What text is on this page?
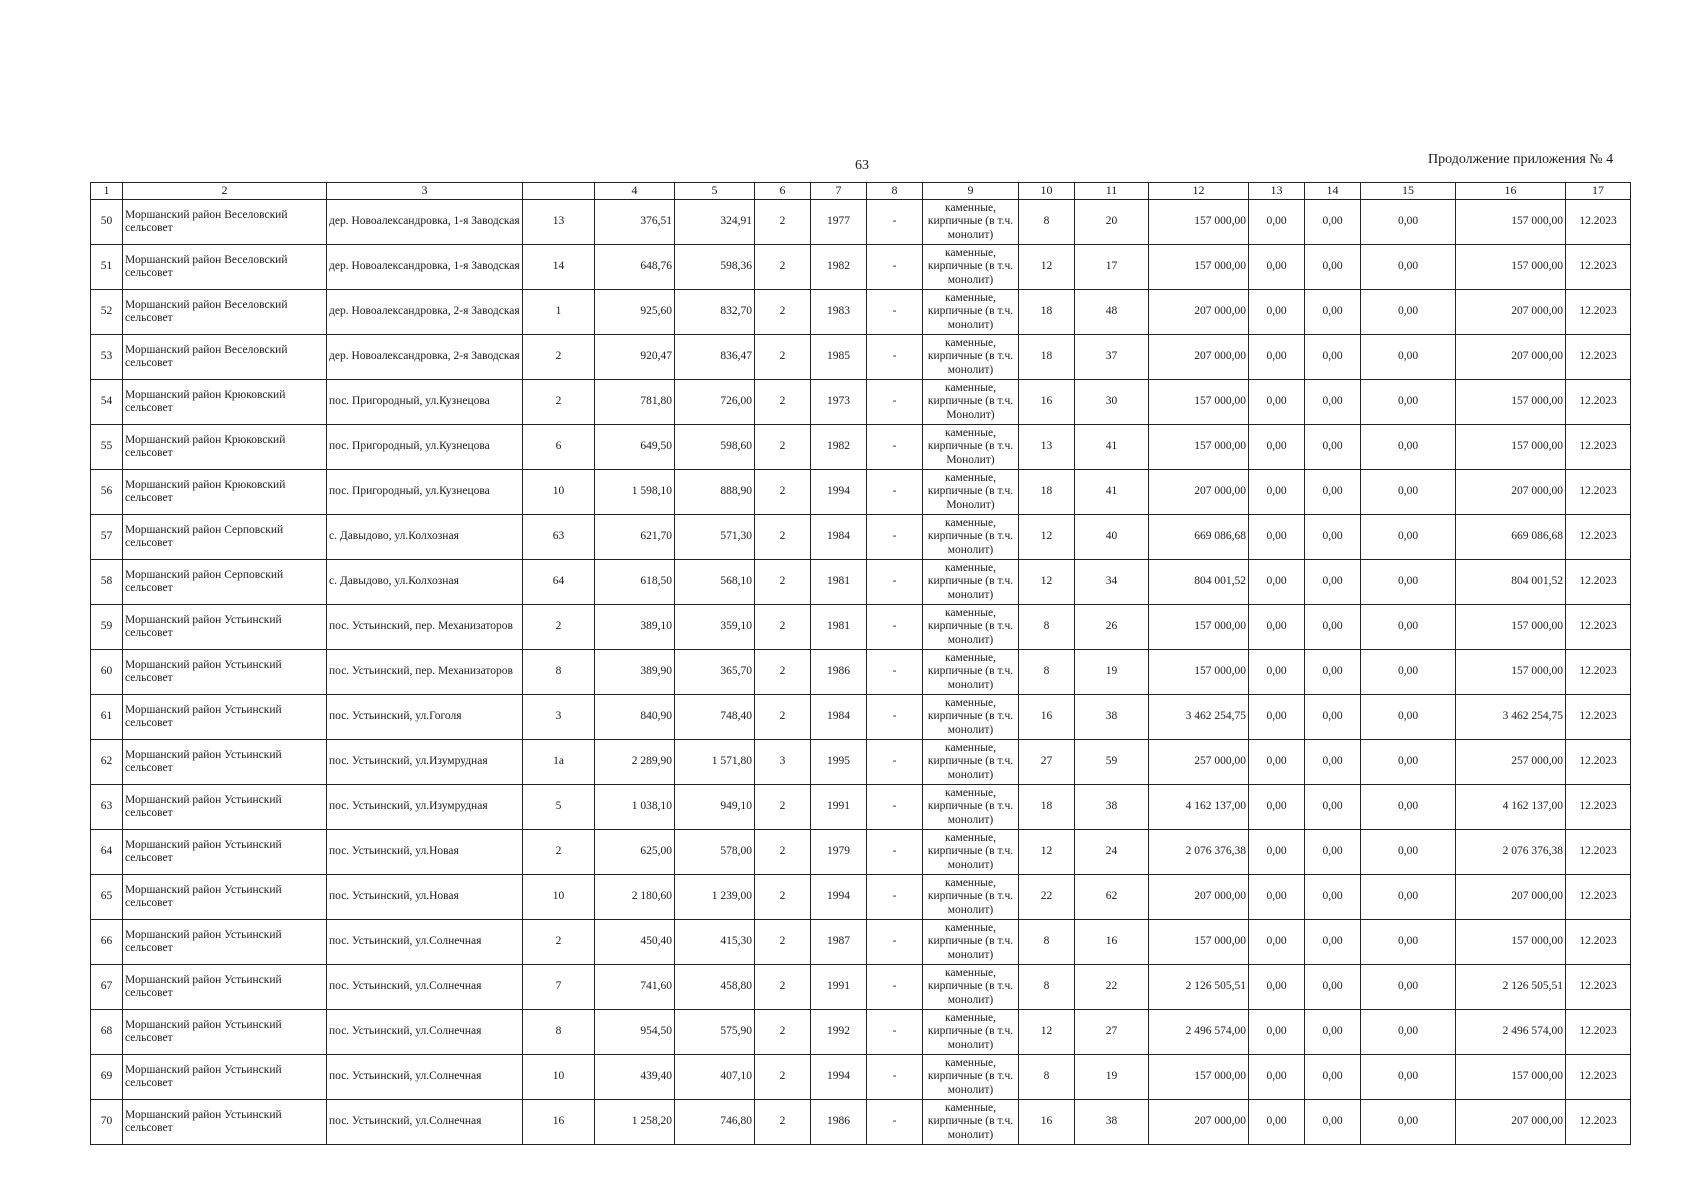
63	Продолжение приложения № 4
1	2	3		4	5	6	7	8	9	10	11	12	13	14	15	16	17
50	Моршанский район Веселовский сельсовет	дер. Новоалександровка, 1-я Заводская	13	376,51	324,91	2	1977	-	каменные, кирпичные (в т.ч. монолит)	8	20	157 000,00	0,00	0,00	0,00	157 000,00	12.2023
51	Моршанский район Веселовский сельсовет	дер. Новоалександровка, 1-я Заводская	14	648,76	598,36	2	1982	-	каменные, кирпичные (в т.ч. монолит)	12	17	157 000,00	0,00	0,00	0,00	157 000,00	12.2023
52	Моршанский район Веселовский сельсовет	дер. Новоалександровка, 2-я Заводская	1	925,60	832,70	2	1983	-	каменные, кирпичные (в т.ч. монолит)	18	48	207 000,00	0,00	0,00	0,00	207 000,00	12.2023
53	Моршанский район Веселовский сельсовет	дер. Новоалександровка, 2-я Заводская	2	920,47	836,47	2	1985	-	каменные, кирпичные (в т.ч. монолит)	18	37	207 000,00	0,00	0,00	0,00	207 000,00	12.2023
54	Моршанский район Крюковский сельсовет	пос. Пригородный, ул.Кузнецова	2	781,80	726,00	2	1973	-	каменные, кирпичные (в т.ч. Монолит)	16	30	157 000,00	0,00	0,00	0,00	157 000,00	12.2023
55	Моршанский район Крюковский сельсовет	пос. Пригородный, ул.Кузнецова	6	649,50	598,60	2	1982	-	каменные, кирпичные (в т.ч. Монолит)	13	41	157 000,00	0,00	0,00	0,00	157 000,00	12.2023
56	Моршанский район Крюковский сельсовет	пос. Пригородный, ул.Кузнецова	10	1 598,10	888,90	2	1994	-	каменные, кирпичные (в т.ч. Монолит)	18	41	207 000,00	0,00	0,00	0,00	207 000,00	12.2023
57	Моршанский район Серповский сельсовет	с. Давыдово, ул.Колхозная	63	621,70	571,30	2	1984	-	каменные, кирпичные (в т.ч. монолит)	12	40	669 086,68	0,00	0,00	0,00	669 086,68	12.2023
58	Моршанский район Серповский сельсовет	с. Давыдово, ул.Колхозная	64	618,50	568,10	2	1981	-	каменные, кирпичные (в т.ч. монолит)	12	34	804 001,52	0,00	0,00	0,00	804 001,52	12.2023
59	Моршанский район Устьинский сельсовет	пос. Устьинский, пер. Механизаторов	2	389,10	359,10	2	1981	-	каменные, кирпичные (в т.ч. монолит)	8	26	157 000,00	0,00	0,00	0,00	157 000,00	12.2023
60	Моршанский район Устьинский сельсовет	пос. Устьинский, пер. Механизаторов	8	389,90	365,70	2	1986	-	каменные, кирпичные (в т.ч. монолит)	8	19	157 000,00	0,00	0,00	0,00	157 000,00	12.2023
61	Моршанский район Устьинский сельсовет	пос. Устьинский, ул.Гоголя	3	840,90	748,40	2	1984	-	каменные, кирпичные (в т.ч. монолит)	16	38	3 462 254,75	0,00	0,00	0,00	3 462 254,75	12.2023
62	Моршанский район Устьинский сельсовет	пос. Устьинский, ул.Изумрудная	1а	2 289,90	1 571,80	3	1995	-	каменные, кирпичные (в т.ч. монолит)	27	59	257 000,00	0,00	0,00	0,00	257 000,00	12.2023
63	Моршанский район Устьинский сельсовет	пос. Устьинский, ул.Изумрудная	5	1 038,10	949,10	2	1991	-	каменные, кирпичные (в т.ч. монолит)	18	38	4 162 137,00	0,00	0,00	0,00	4 162 137,00	12.2023
64	Моршанский район Устьинский сельсовет	пос. Устьинский, ул.Новая	2	625,00	578,00	2	1979	-	каменные, кирпичные (в т.ч. монолит)	12	24	2 076 376,38	0,00	0,00	0,00	2 076 376,38	12.2023
65	Моршанский район Устьинский сельсовет	пос. Устьинский, ул.Новая	10	2 180,60	1 239,00	2	1994	-	каменные, кирпичные (в т.ч. монолит)	22	62	207 000,00	0,00	0,00	0,00	207 000,00	12.2023
66	Моршанский район Устьинский сельсовет	пос. Устьинский, ул.Солнечная	2	450,40	415,30	2	1987	-	каменные, кирпичные (в т.ч. монолит)	8	16	157 000,00	0,00	0,00	0,00	157 000,00	12.2023
67	Моршанский район Устьинский сельсовет	пос. Устьинский, ул.Солнечная	7	741,60	458,80	2	1991	-	каменные, кирпичные (в т.ч. монолит)	8	22	2 126 505,51	0,00	0,00	0,00	2 126 505,51	12.2023
68	Моршанский район Устьинский сельсовет	пос. Устьинский, ул.Солнечная	8	954,50	575,90	2	1992	-	каменные, кирпичные (в т.ч. монолит)	12	27	2 496 574,00	0,00	0,00	0,00	2 496 574,00	12.2023
69	Моршанский район Устьинский сельсовет	пос. Устьинский, ул.Солнечная	10	439,40	407,10	2	1994	-	каменные, кирпичные (в т.ч. монолит)	8	19	157 000,00	0,00	0,00	0,00	157 000,00	12.2023
70	Моршанский район Устьинский сельсовет	пос. Устьинский, ул.Солнечная	16	1 258,20	746,80	2	1986	-	каменные, кирпичные (в т.ч. монолит)	16	38	207 000,00	0,00	0,00	0,00	207 000,00	12.2023
